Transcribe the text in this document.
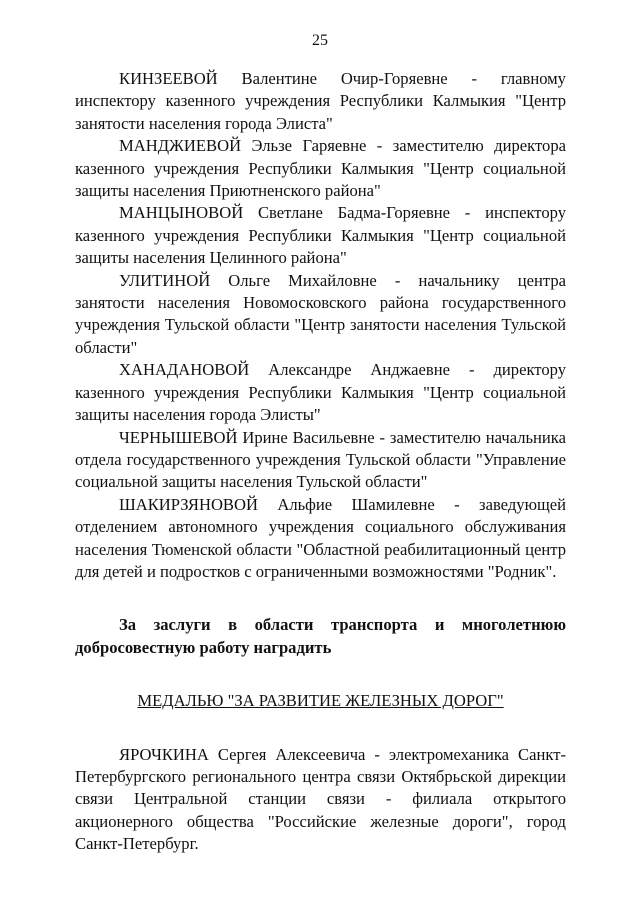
25

КИНЗЕЕВОЙ Валентине Очир-Горяевне - главному инспектору казенного учреждения Республики Калмыкия "Центр занятости населения города Элиста"

МАНДЖИЕВОЙ Эльзе Гаряевне - заместителю директора казенного учреждения Республики Калмыкия "Центр социальной защиты населения Приютненского района"

МАНЦЫНОВОЙ Светлане Бадма-Горяевне - инспектору казенного учреждения Республики Калмыкия "Центр социальной защиты населения Целинного района"

УЛИТИНОЙ Ольге Михайловне - начальнику центра занятости населения Новомосковского района государственного учреждения Тульской области "Центр занятости населения Тульской области"

ХАНАДАНОВОЙ Александре Анджаевне - директору казенного учреждения Республики Калмыкия "Центр социальной защиты населения города Элисты"

ЧЕРНЫШЕВОЙ Ирине Васильевне - заместителю начальника отдела государственного учреждения Тульской области "Управление социальной защиты населения Тульской области"

ШАКИРЗЯНОВОЙ Альфие Шамилевне - заведующей отделением автономного учреждения социального обслуживания населения Тюменской области "Областной реабилитационный центр для детей и подростков с ограниченными возможностями "Родник".

За заслуги в области транспорта и многолетнюю добросовестную работу наградить

МЕДАЛЬЮ "ЗА РАЗВИТИЕ ЖЕЛЕЗНЫХ ДОРОГ"

ЯРОЧКИНА Сергея Алексеевича - электромеханика Санкт-Петербургского регионального центра связи Октябрьской дирекции связи Центральной станции связи - филиала открытого акционерного общества "Российские железные дороги", город Санкт-Петербург.
